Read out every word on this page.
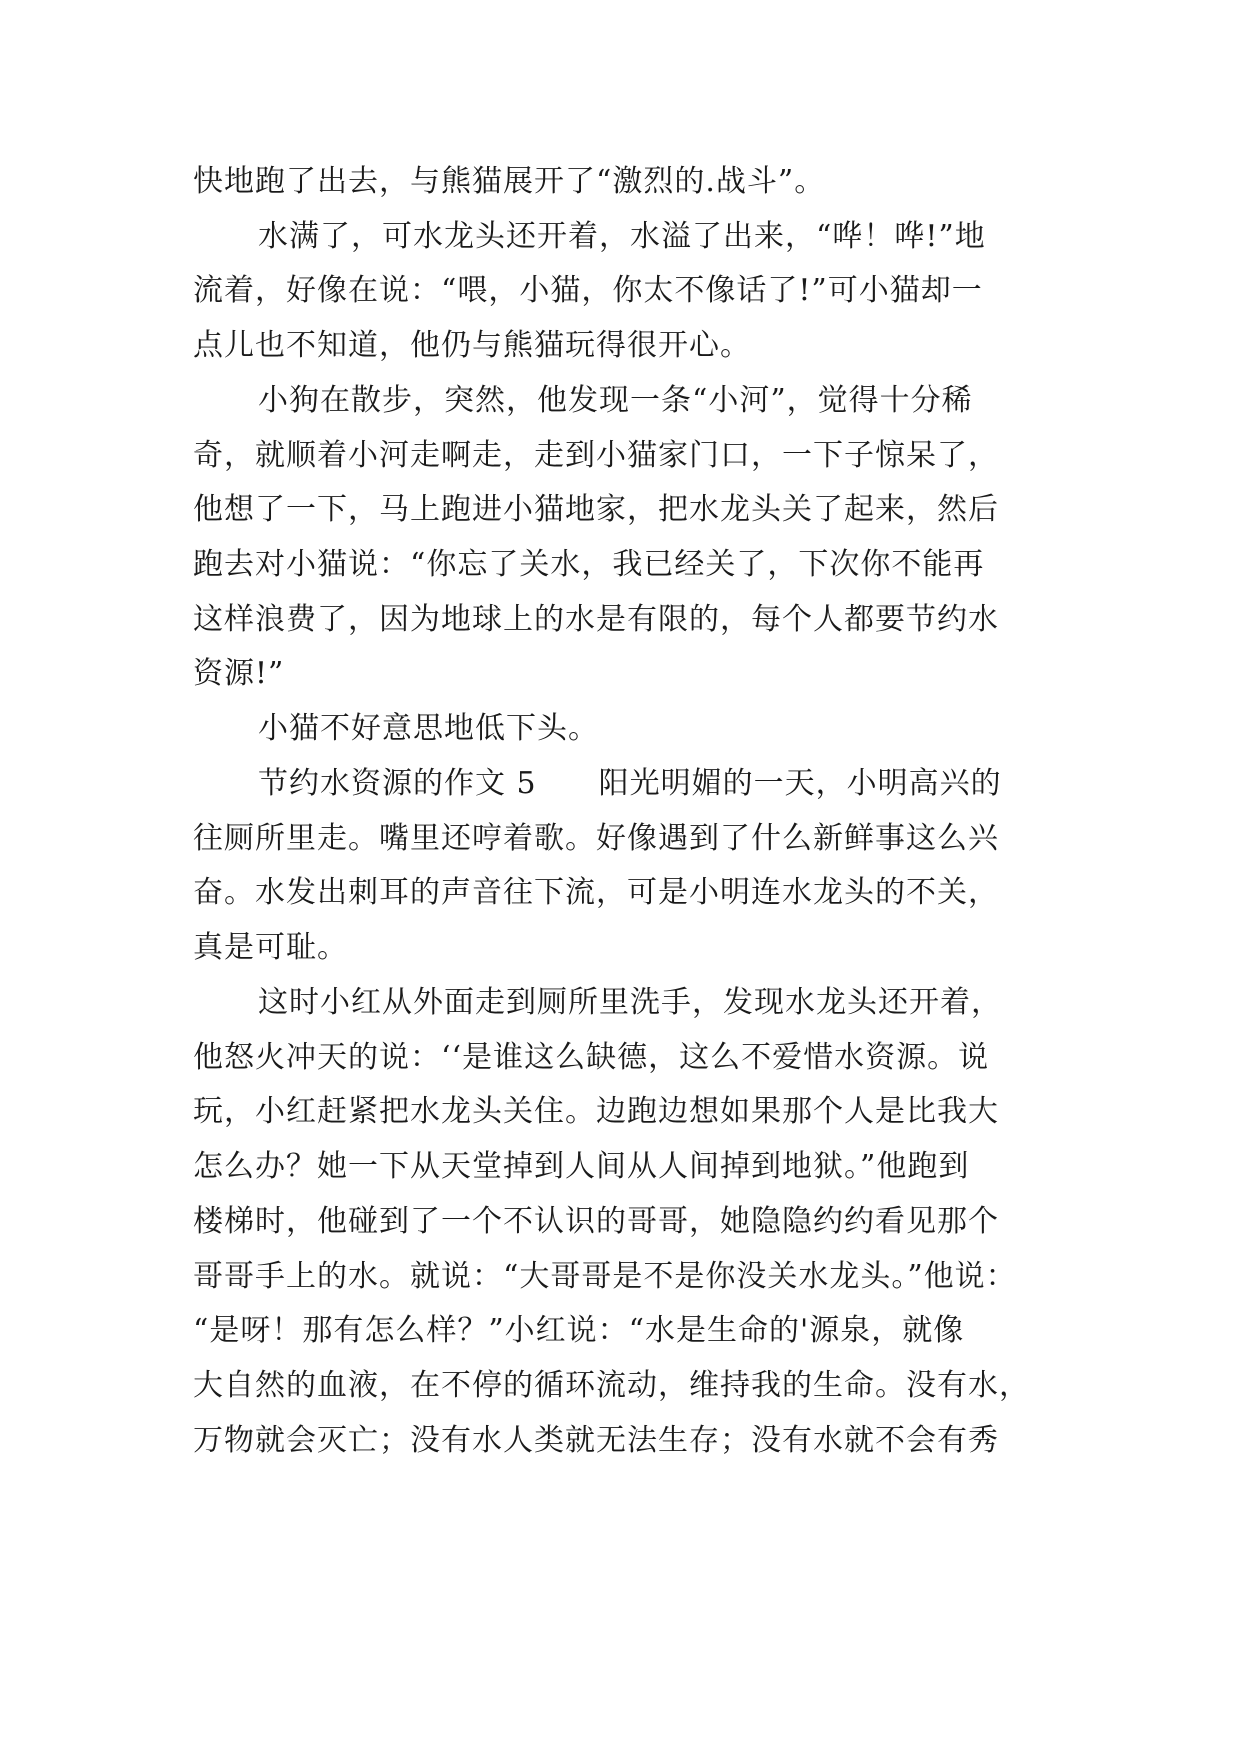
快地跑了出去，与熊猫展开了“激烈的.战斗”。
水满了，可水龙头还开着，水溢了出来，“哗！哗!”地
流着，好像在说：“喂，小猫，你太不像话了!”可小猫却一
点儿也不知道，他仍与熊猫玩得很开心。
小狗在散步，突然，他发现一条“小河”，觉得十分稀
奇，就顺着小河走啊走，走到小猫家门口，一下子惊呆了，
他想了一下，马上跑进小猫地家，把水龙头关了起来，然后
跑去对小猫说：“你忘了关水，我已经关了，下次你不能再
这样浪费了，因为地球上的水是有限的，每个人都要节约水
资源!”
小猫不好意思地低下头。
节约水资源的作文 5　　阳光明媚的一天，小明高兴的
往厕所里走。嘴里还哼着歌。好像遇到了什么新鲜事这么兴
奋。水发出刺耳的声音往下流，可是小明连水龙头的不关，
真是可耻。
这时小红从外面走到厕所里洗手，发现水龙头还开着，
他怒火冲天的说：‘‘是谁这么缺德，这么不爱惜水资源。说
玩，小红赶紧把水龙头关住。边跑边想如果那个人是比我大
怎么办？她一下从天堂掉到人间从人间掉到地狱。”他跑到
楼梯时，他碰到了一个不认识的哥哥，她隐隐约约看见那个
哥哥手上的水。就说：“大哥哥是不是你没关水龙头。”他说：
“是呀！那有怎么样？”小红说：“水是生命的'源泉，就像
大自然的血液，在不停的循环流动，维持我的生命。没有水，
万物就会灭亡；没有水人类就无法生存；没有水就不会有秀
